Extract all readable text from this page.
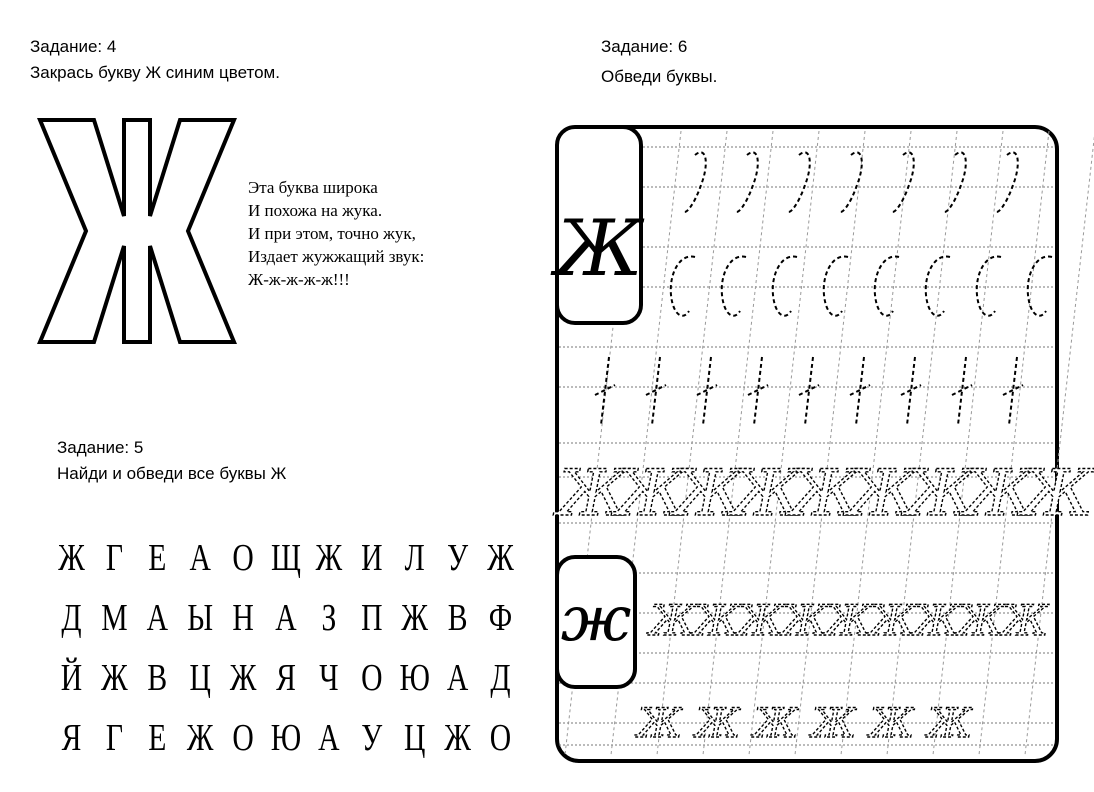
Задание: 4
Закрась букву Ж синим цветом.
Эта буква широка
И похожа на жука.
И при этом, точно жук,
Издает жужжащий звук:
Ж-ж-ж-ж-ж!!!
Задание: 5
Найди и обведи все буквы Ж
Ж Г Е А О Щ Ж И Л У Ж
Д М А Ы Н А З П Ж В Ф
Й Ж В Ц Ж Я Ч О Ю А Д
Я Г Е Ж О Ю А У Ц Ж О
Задание: 6
Обведи буквы.
Ж
ж
Ж
Ж
Ж
Ж
Ж
Ж
Ж
Ж
Ж
Ж
Ж
Ж
Ж
Ж
Ж
Ж
Ж
Ж
Ж Ж Ж Ж Ж Ж
